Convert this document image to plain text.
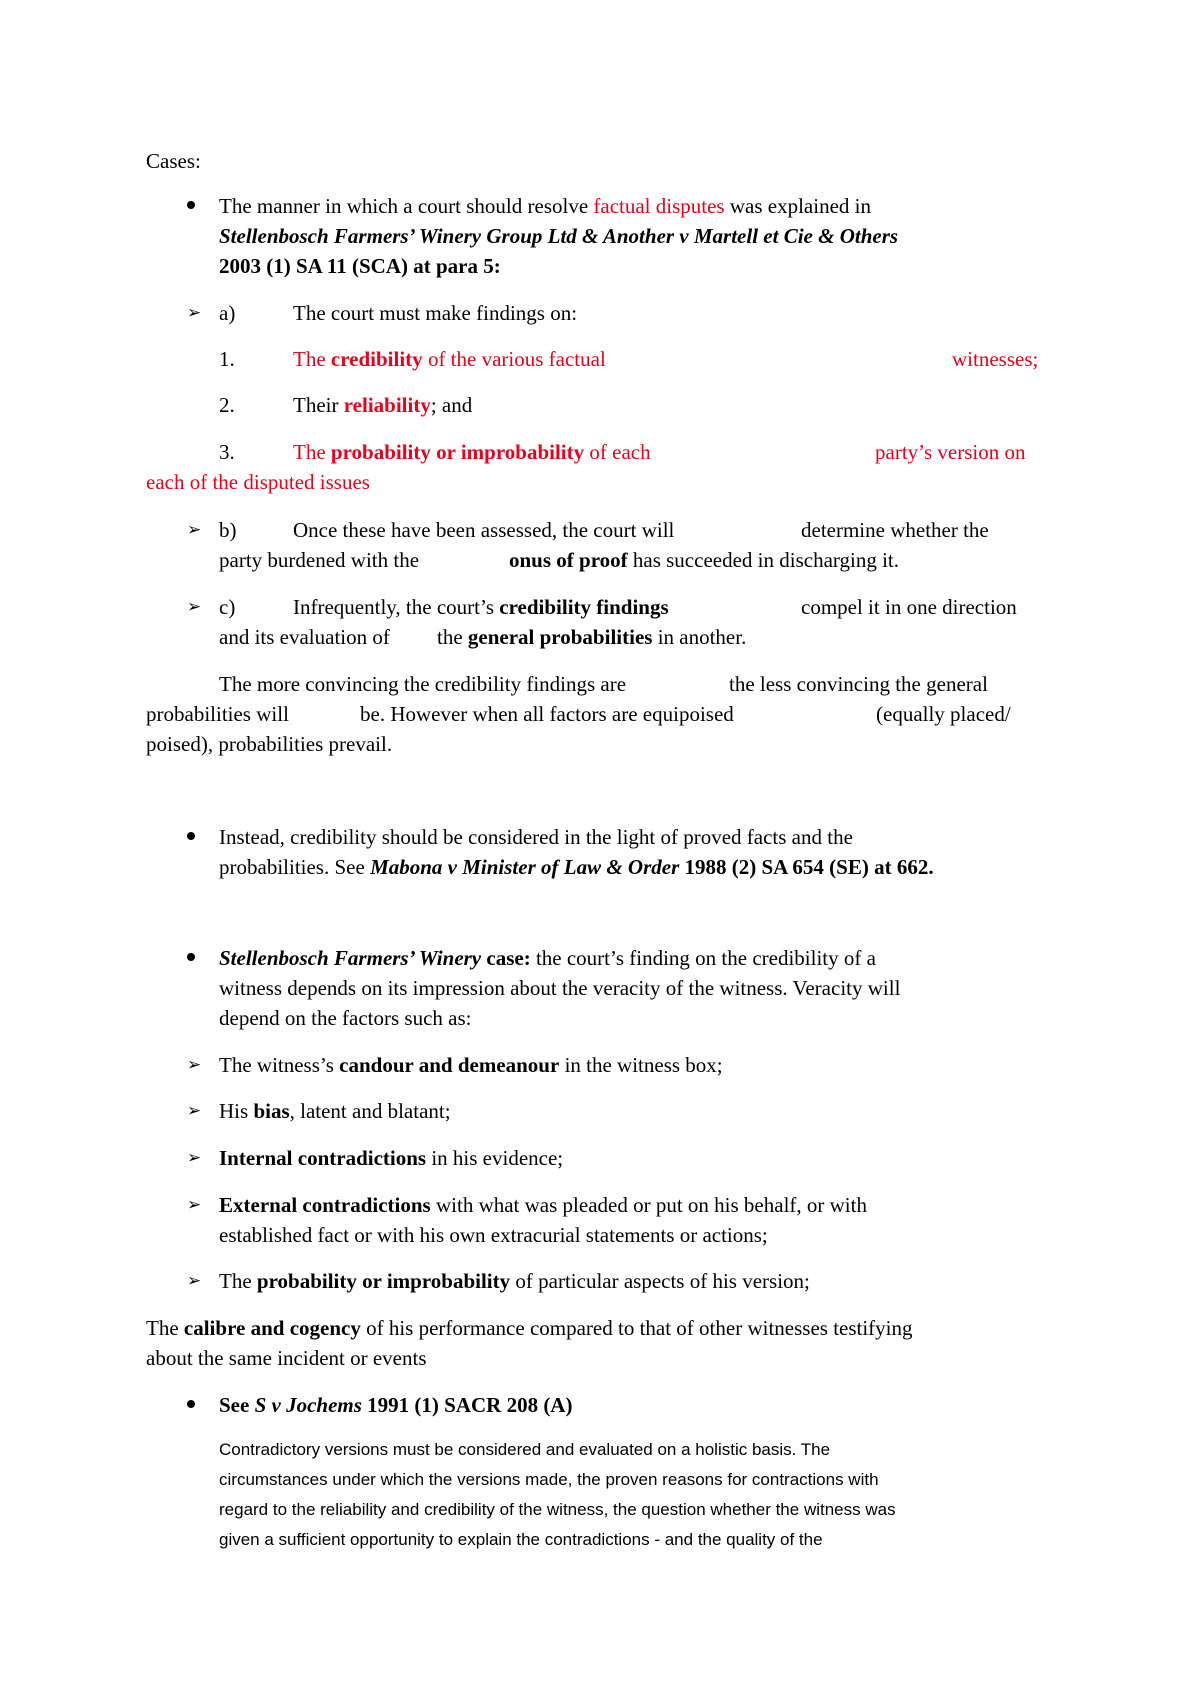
Cases:
The manner in which a court should resolve factual disputes was explained in
Stellenbosch Farmers’ Winery Group Ltd & Another v Martell et Cie & Others
2003 (1) SA 11 (SCA) at para 5:
➢ a)	The court must make findings on:
1.	The credibility of the various factual	witnesses;
2.	Their reliability; and
3.	The probability or improbability of each	party’s version on
each of the disputed issues
➢ b)	Once these have been assessed, the court will	determine whether the
party burdened with the	onus of proof has succeeded in discharging it.
➢ c)	Infrequently, the court’s credibility findings	compel it in one direction
and its evaluation of the general probabilities in another.
The more convincing the credibility findings are	the less convincing the general
probabilities will	be. However when all factors are equipoised	(equally placed/
poised), probabilities prevail.
Instead, credibility should be considered in the light of proved facts and the
probabilities. See Mabona v Minister of Law & Order 1988 (2) SA 654 (SE) at 662.
Stellenbosch Farmers’ Winery case: the court’s finding on the credibility of a
witness depends on its impression about the veracity of the witness. Veracity will
depend on the factors such as:
➢ The witness’s candour and demeanour in the witness box;
➢ His bias, latent and blatant;
➢ Internal contradictions in his evidence;
➢ External contradictions with what was pleaded or put on his behalf, or with
established fact or with his own extracurial statements or actions;
➢ The probability or improbability of particular aspects of his version;
The calibre and cogency of his performance compared to that of other witnesses testifying
about the same incident or events
See S v Jochems 1991 (1) SACR 208 (A)
Contradictory versions must be considered and evaluated on a holistic basis. The
circumstances under which the versions made, the proven reasons for contractions with
regard to the reliability and credibility of the witness, the question whether the witness was
given a sufficient opportunity to explain the contradictions - and the quality of the
